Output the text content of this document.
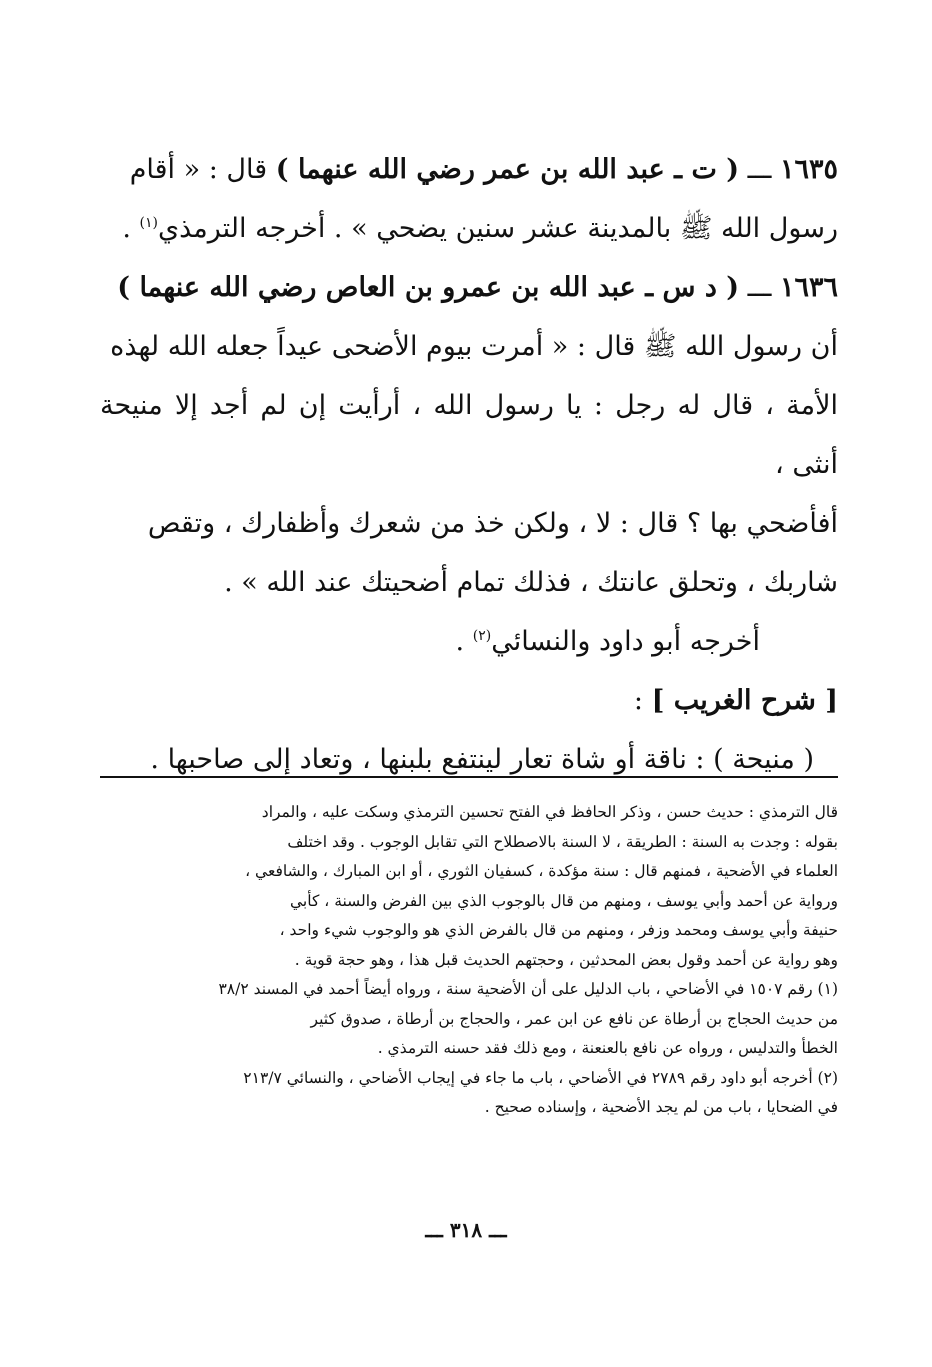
١٦٣٥ ـــ ( ت ـ عبد الله بن عمر رضي الله عنهما ) قال : « أقام

رسول الله ﷺ بالمدينة عشر سنين يضحي » . أخرجه الترمذي$^{(١)}$ .

١٦٣٦ ـــ ( د س ـ عبد الله بن عمرو بن العاص رضي الله عنهما )

أن رسول الله ﷺ قال : « أمرت بيوم الأضحى عيداً جعله الله لهذه

الأمة ، قال له رجل : يا رسول الله ، أرأيت إن لم أجد إلا منيحة أنثى ،

أفأضحي بها ؟ قال : لا ، ولكن خذ من شعرك وأظفارك ، وتقص

شاربك ، وتحلق عانتك ، فذلك تمام أضحيتك عند الله » .

أخرجه أبو داود والنسائي$^{(٢)}$ .

[ شرح الغريب ] :

( منيحة ) : ناقة أو شاة تعار لينتفع بلبنها ، وتعاد إلى صاحبها .

قال الترمذي : حديث حسن ، وذكر الحافظ في الفتح تحسين الترمذي وسكت عليه ، والمراد

بقوله : وجدت به السنة : الطريقة ، لا السنة بالاصطلاح التي تقابل الوجوب . وقد اختلف

العلماء في الأضحية ، فمنهم قال : سنة مؤكدة ، كسفيان الثوري ، أو ابن المبارك ، والشافعي ،

ورواية عن أحمد وأبي يوسف ، ومنهم من قال بالوجوب الذي بين الفرض والسنة ، كأبي

حنيفة وأبي يوسف ومحمد وزفر ، ومنهم من قال بالفرض الذي هو والوجوب شيء واحد ،

وهو رواية عن أحمد وقول بعض المحدثين ، وحجتهم الحديث قبل هذا ، وهو حجة قوية .

(١) رقم ١٥٠٧ في الأضاحي ، باب الدليل على أن الأضحية سنة ، ورواه أيضاً أحمد في المسند ٣٨/٢

من حديث الحجاج بن أرطاة عن نافع عن ابن عمر ، والحجاج بن أرطاة ، صدوق كثير

الخطأ والتدليس ، ورواه عن نافع بالعنعنة ، ومع ذلك فقد حسنه الترمذي .

(٢) أخرجه أبو داود رقم ٢٧٨٩ في الأضاحي ، باب ما جاء في إيجاب الأضاحي ، والنسائي ٢١٣/٧

في الضحايا ، باب من لم يجد الأضحية ، وإسناده صحيح .

ـــ ٣١٨ ـــ
